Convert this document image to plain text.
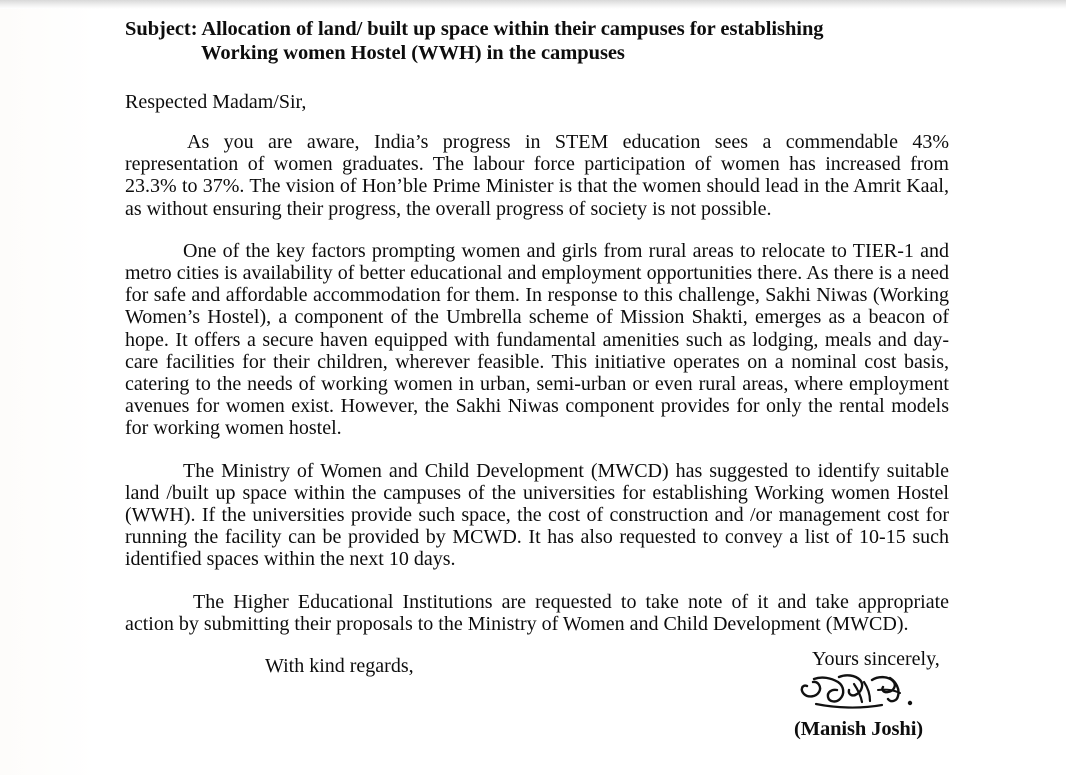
Subject: Allocation of land/ built up space within their campuses for establishing
Working women Hostel (WWH) in the campuses
Respected Madam/Sir,

As you are aware, India’s progress in STEM education sees a commendable 43% representation of women graduates. The labour force participation of women has increased from 23.3% to 37%. The vision of Hon’ble Prime Minister is that the women should lead in the Amrit Kaal, as without ensuring their progress, the overall progress of society is not possible.

One of the key factors prompting women and girls from rural areas to relocate to TIER-1 and metro cities is availability of better educational and employment opportunities there. As there is a need for safe and affordable accommodation for them. In response to this challenge, Sakhi Niwas (Working Women’s Hostel), a component of the Umbrella scheme of Mission Shakti, emerges as a beacon of hope. It offers a secure haven equipped with fundamental amenities such as lodging, meals and day-care facilities for their children, wherever feasible. This initiative operates on a nominal cost basis, catering to the needs of working women in urban, semi-urban or even rural areas, where employment avenues for women exist. However, the Sakhi Niwas component provides for only the rental models for working women hostel.

The Ministry of Women and Child Development (MWCD) has suggested to identify suitable land /built up space within the campuses of the universities for establishing Working women Hostel (WWH). If the universities provide such space, the cost of construction and /or management cost for running the facility can be provided by MCWD. It has also requested to convey a list of 10-15 such identified spaces within the next 10 days.

The Higher Educational Institutions are requested to take note of it and take appropriate action by submitting their proposals to the Ministry of Women and Child Development (MWCD).

With kind regards,	Yours sincerely,
(Manish Joshi)
